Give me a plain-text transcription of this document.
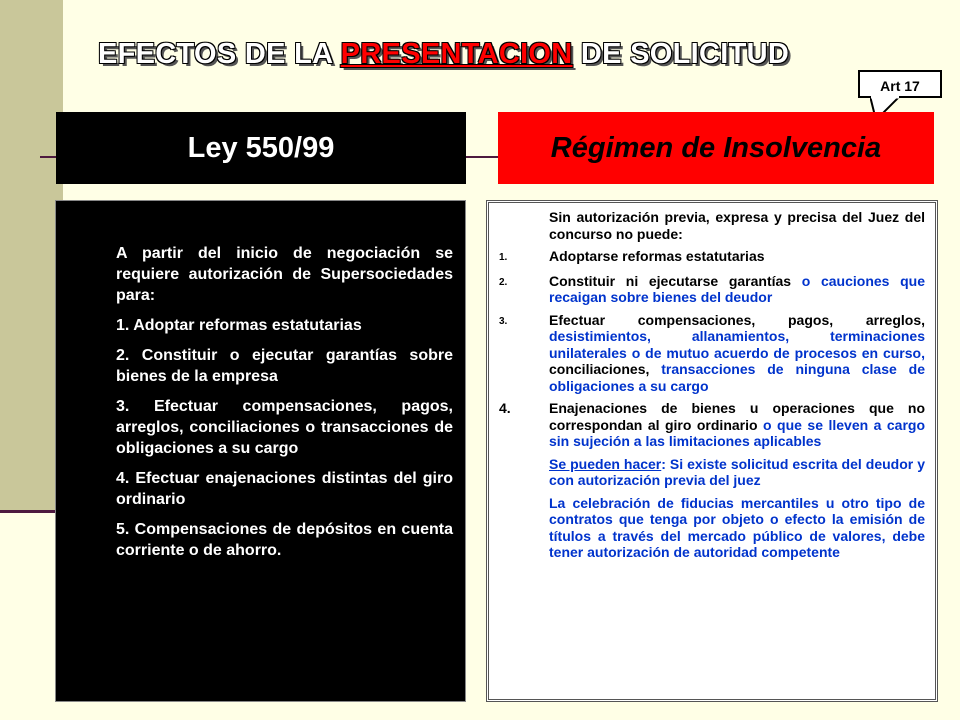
EFECTOS DE LA PRESENTACION DE SOLICITUD
Art 17
Ley 550/99	Régimen de Insolvencia

A partir del inicio de negociación se requiere autorización de Supersociedades para:

1. Adoptar reformas estatutarias

2. Constituir o ejecutar garantías sobre bienes de la empresa

3. Efectuar compensaciones, pagos, arreglos, conciliaciones o transacciones de obligaciones a su cargo

4. Efectuar enajenaciones distintas del giro ordinario

5. Compensaciones de depósitos en cuenta corriente o de ahorro.

Sin autorización previa, expresa y precisa del Juez del concurso no puede:
1.	Adoptarse reformas estatutarias
2.	Constituir ni ejecutarse garantías o cauciones que recaigan sobre bienes del deudor
3.	Efectuar compensaciones, pagos, arreglos, desistimientos, allanamientos, terminaciones unilaterales o de mutuo acuerdo de procesos en curso, conciliaciones, transacciones de ninguna clase de obligaciones a su cargo
4.	Enajenaciones de bienes u operaciones que no correspondan al giro ordinario o que se lleven a cargo sin sujeción a las limitaciones aplicables
Se pueden hacer: Si existe solicitud escrita del deudor y con autorización previa del juez
La celebración de fiducias mercantiles u otro tipo de contratos que tenga por objeto o efecto la emisión de títulos a través del mercado público de valores, debe tener autorización de autoridad competente
